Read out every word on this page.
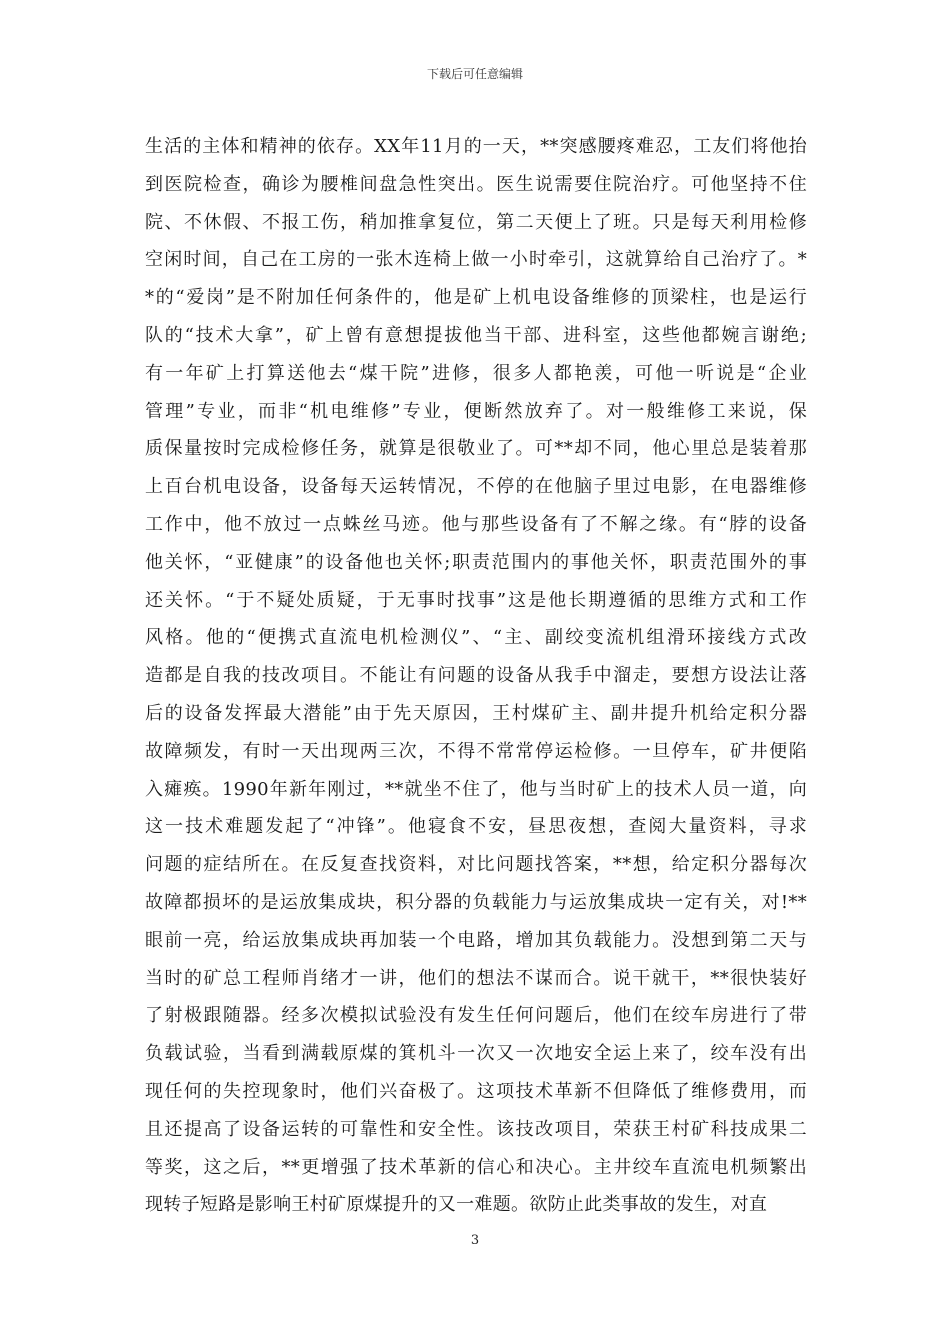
下载后可任意编辑
生活的主体和精神的依存。XX年11月的一天，**突感腰疼难忍，工友们将他抬
到医院检查，确诊为腰椎间盘急性突出。医生说需要住院治疗。可他坚持不住
院、不休假、不报工伤，稍加推拿复位，第二天便上了班。只是每天利用检修
空闲时间，自己在工房的一张木连椅上做一小时牵引，这就算给自己治疗了。*
*的“爱岗”是不附加任何条件的，他是矿上机电设备维修的顶梁柱，也是运行
队的“技术大拿”，矿上曾有意想提拔他当干部、进科室，这些他都婉言谢绝;
有一年矿上打算送他去“煤干院”进修，很多人都艳羡，可他一听说是“企业
管理”专业，而非“机电维修”专业，便断然放弃了。对一般维修工来说，保
质保量按时完成检修任务，就算是很敬业了。可**却不同，他心里总是装着那
上百台机电设备，设备每天运转情况，不停的在他脑子里过电影，在电器维修
工作中，他不放过一点蛛丝马迹。他与那些设备有了不解之缘。有“脖的设备
他关怀，“亚健康”的设备他也关怀;职责范围内的事他关怀，职责范围外的事
还关怀。“于不疑处质疑，于无事时找事”这是他长期遵循的思维方式和工作
风格。他的“便携式直流电机检测仪”、“主、副绞变流机组滑环接线方式改
造都是自我的技改项目。不能让有问题的设备从我手中溜走，要想方设法让落
后的设备发挥最大潜能”由于先天原因，王村煤矿主、副井提升机给定积分器
故障频发，有时一天出现两三次，不得不常常停运检修。一旦停车，矿井便陷
入瘫痪。1990年新年刚过，**就坐不住了，他与当时矿上的技术人员一道，向
这一技术难题发起了“冲锋”。他寝食不安，昼思夜想，查阅大量资料，寻求
问题的症结所在。在反复查找资料，对比问题找答案，**想，给定积分器每次
故障都损坏的是运放集成块，积分器的负载能力与运放集成块一定有关，对!**
眼前一亮，给运放集成块再加装一个电路，增加其负载能力。没想到第二天与
当时的矿总工程师肖绪才一讲，他们的想法不谋而合。说干就干，**很快装好
了射极跟随器。经多次模拟试验没有发生任何问题后，他们在绞车房进行了带
负载试验，当看到满载原煤的箕机斗一次又一次地安全运上来了，绞车没有出
现任何的失控现象时，他们兴奋极了。这项技术革新不但降低了维修费用，而
且还提高了设备运转的可靠性和安全性。该技改项目，荣获王村矿科技成果二
等奖，这之后，**更增强了技术革新的信心和决心。主井绞车直流电机频繁出
现转子短路是影响王村矿原煤提升的又一难题。欲防止此类事故的发生，对直
3
